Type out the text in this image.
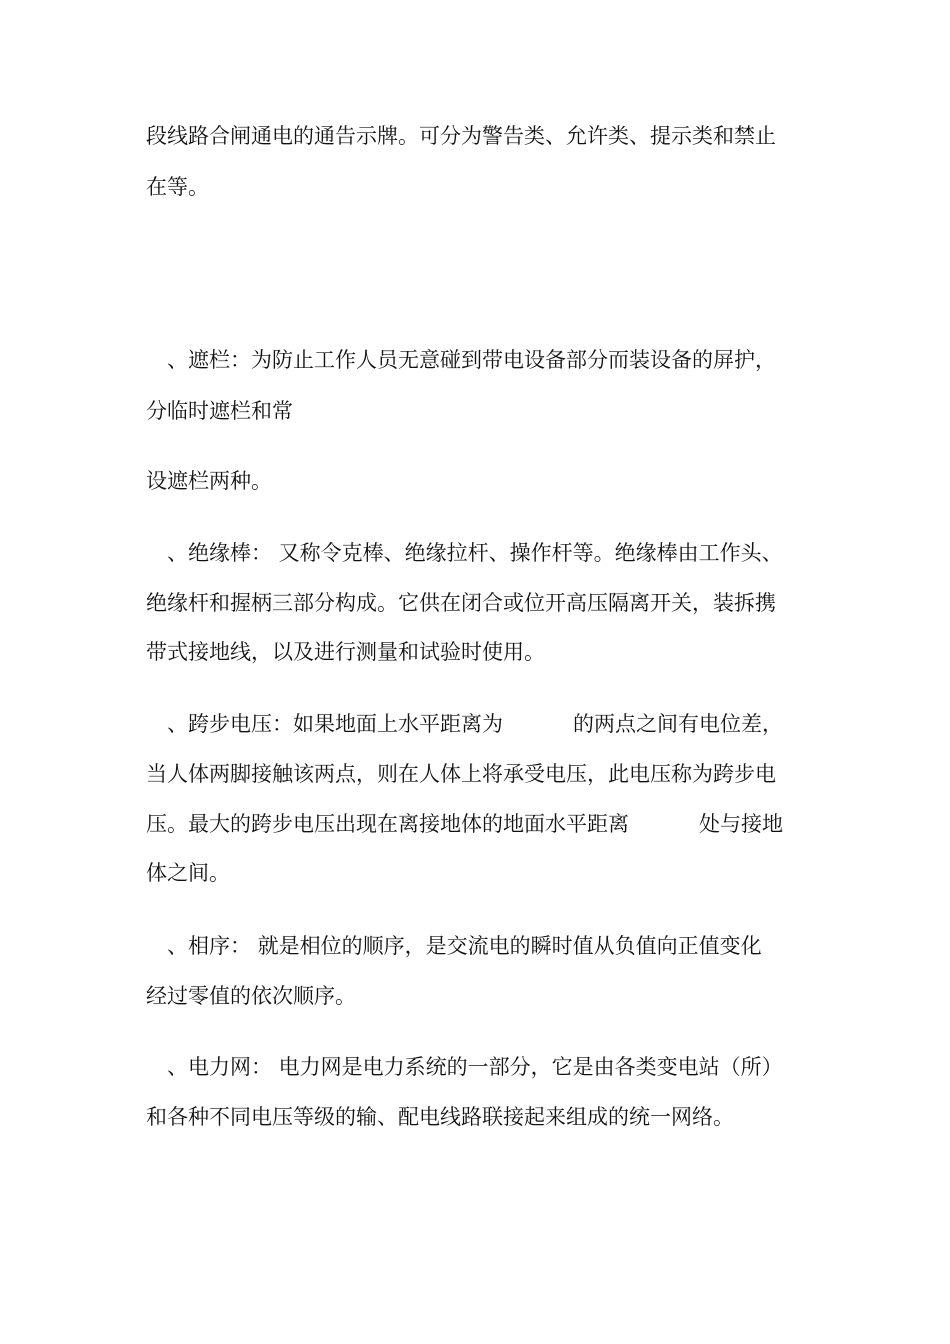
段线路合闸通电的通告示牌。可分为警告类、允许类、提示类和禁止

在等。

、遮栏：为防止工作人员无意碰到带电设备部分而装设备的屏护，

分临时遮栏和常

设遮栏两种。

、绝缘棒： 又称令克棒、绝缘拉杆、操作杆等。绝缘棒由工作头、

绝缘杆和握柄三部分构成。它供在闭合或位开高压隔离开关，装拆携

带式接地线，以及进行测量和试验时使用。

、跨步电压：如果地面上水平距离为	的两点之间有电位差，

当人体两脚接触该两点，则在人体上将承受电压，此电压称为跨步电

压。最大的跨步电压出现在离接地体的地面水平距离	处与接地

体之间。

、相序： 就是相位的顺序，是交流电的瞬时值从负值向正值变化

经过零值的依次顺序。

、电力网： 电力网是电力系统的一部分，它是由各类变电站（所）

和各种不同电压等级的输、配电线路联接起来组成的统一网络。
